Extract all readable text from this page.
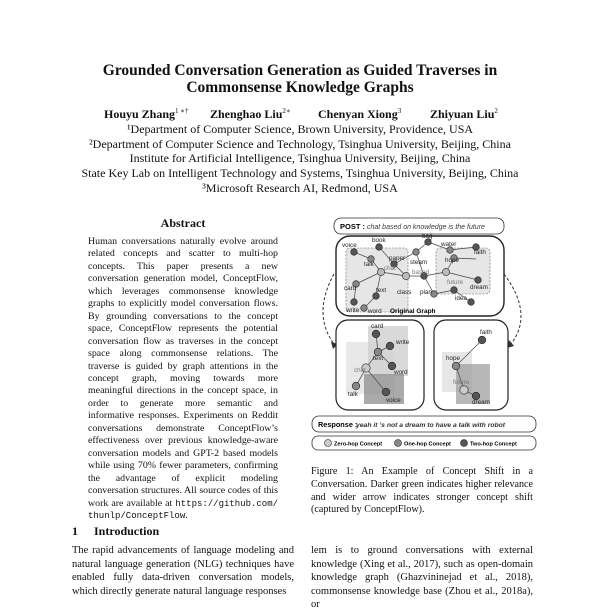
Grounded Conversation Generation as Guided Traverses in
Commonsense Knowledge Graphs
Houyu Zhang$^{1 ∗\dagger}$ Zhenghao Liu$^{2∗}$ Chenyan Xiong$^3$ Zhiyuan Liu$^2$
¹Department of Computer Science, Brown University, Providence, USA
²Department of Computer Science and Technology, Tsinghua University, Beijing, China
Institute for Artificial Intelligence, Tsinghua University, Beijing, China
State Key Lab on Intelligent Technology and Systems, Tsinghua University, Beijing, China
³Microsoft Research AI, Redmond, USA
Abstract
Human conversations naturally evolve around related concepts and scatter to multi-hop concepts. This paper presents a new conversation generation model, ConceptFlow, which leverages commonsense knowledge graphs to explicitly model conversation flows. By grounding conversations to the concept space, ConceptFlow represents the potential conversation flow as traverses in the concept space along commonsense relations. The traverse is guided by graph attentions in the concept graph, moving towards more meaningful directions in the concept space, in order to generate more semantic and informative responses. Experiments on Reddit conversations demonstrate ConceptFlow’s effectiveness over previous knowledge-aware conversation models and GPT-2 based models while using 70% fewer parameters, confirming the advantage of explicit modeling conversation structures. All source codes of this work are available at https://github.com/ thunlp/ConceptFlow.
1 Introduction
The rapid advancements of language modeling and natural language generation (NLG) techniques have enabled fully data-driven conversation models, which directly generate natural language responses
lem is to ground conversations with external knowledge (Xing et al., 2017), such as open-domain knowledge graph (Ghazvininejad et al., 2018), commonsense knowledge base (Zhou et al., 2018a), or
POST : chat based on knowledge is the future
voice
book
bag
water
faith
talk
paper
steam	hope
card
chat
based
future
dream
write word
text class plan
idea
Original Graph
card
write
text
chat	word
talk
voice
faith
hope
future
dream
Response :
yeah it ’s not a dream to have a talk with robot
Zero-hop Concept	One-hop Concept	Two-hop Concept
Figure 1: An Example of Concept Shift in a Conversation. Darker green indicates higher relevance and wider arrow indicates stronger concept shift (captured by ConceptFlow).
